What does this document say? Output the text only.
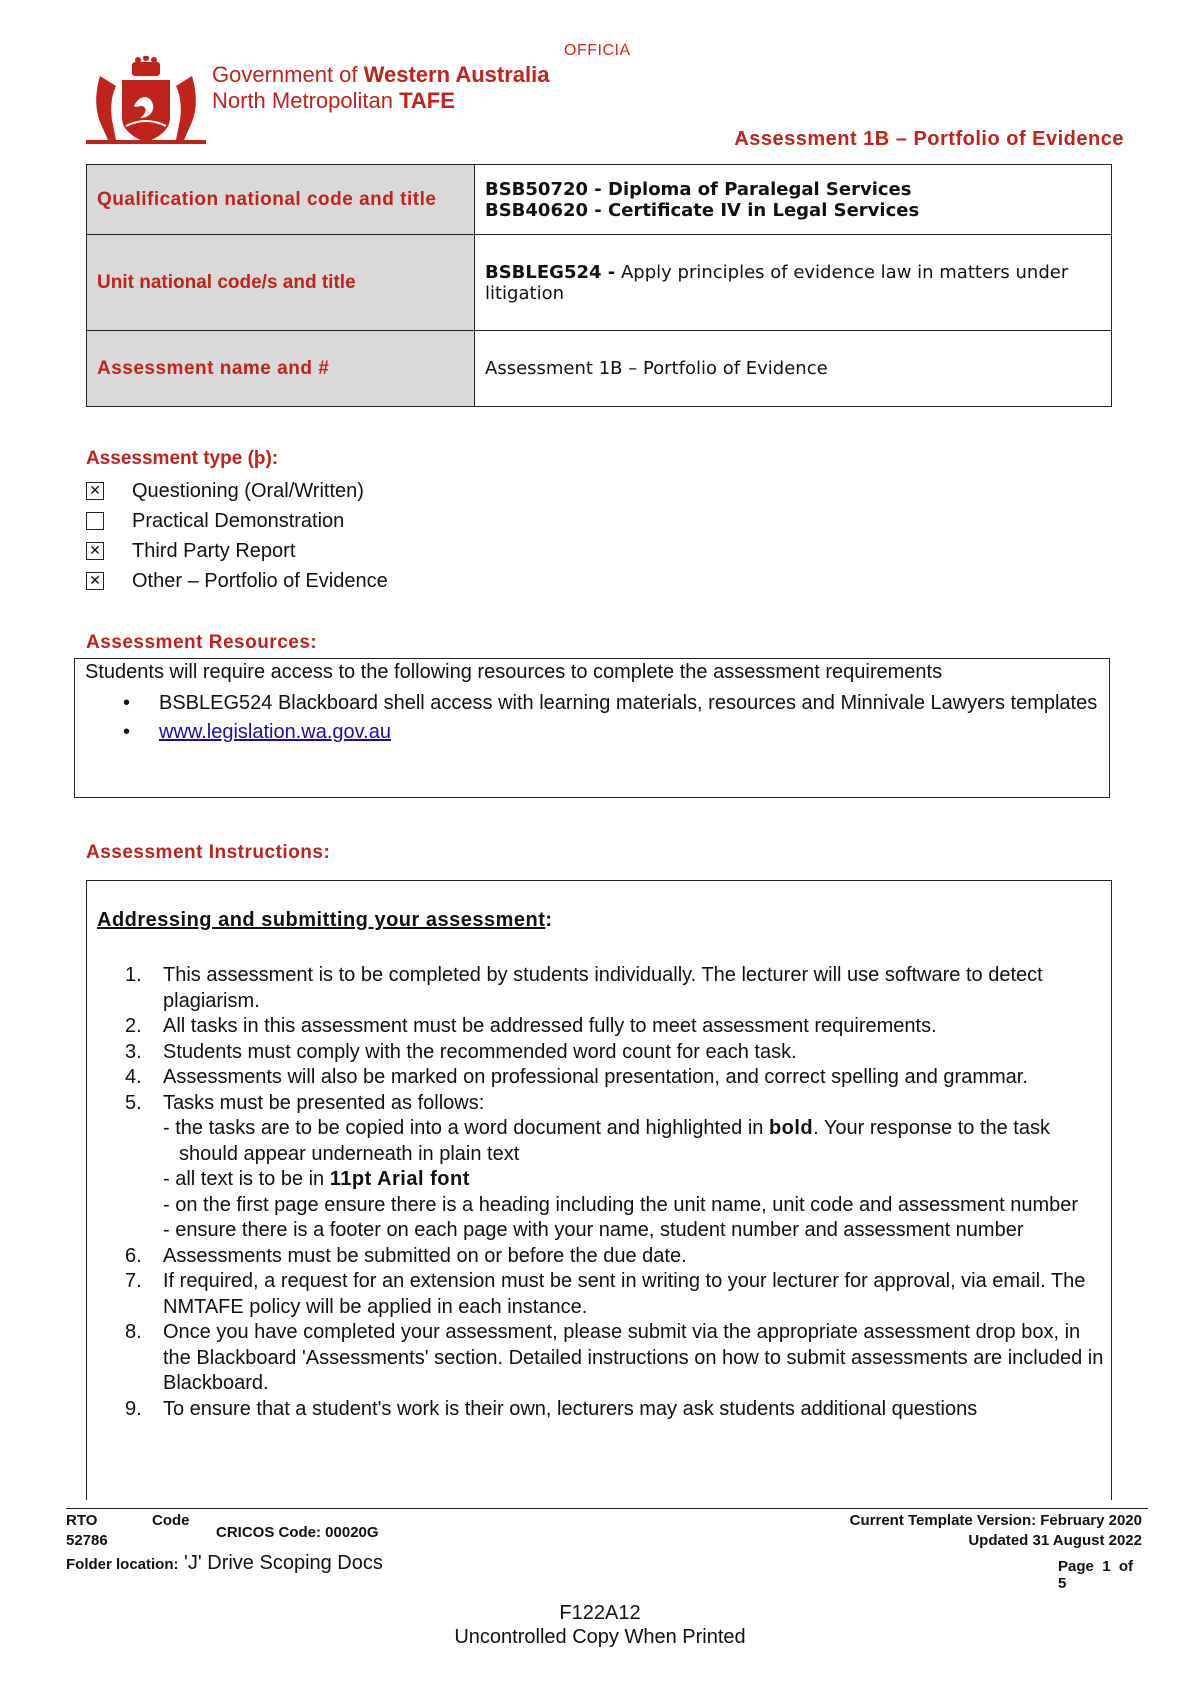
OFFICIA
Government of Western Australia
North Metropolitan TAFE
Assessment 1B – Portfolio of Evidence
Qualification national code and title	BSB50720 - Diploma of Paralegal Services
BSB40620 - Certificate IV in Legal Services

Unit national code/s and title	BSBLEG524 - Apply principles of evidence law in matters under litigation
Assessment name and #	Assessment 1B – Portfolio of Evidence
Assessment type (þ):
✕ Questioning (Oral/Written)
Practical Demonstration
✕ Third Party Report
✕ Other – Portfolio of Evidence
Assessment Resources:
Students will require access to the following resources to complete the assessment requirements
• BSBLEG524 Blackboard shell access with learning materials, resources and Minnivale Lawyers templates
• www.legislation.wa.gov.au
Assessment Instructions:
Addressing and submitting your assessment:
1. This assessment is to be completed by students individually. The lecturer will use software to detect plagiarism.
2. All tasks in this assessment must be addressed fully to meet assessment requirements.
3. Students must comply with the recommended word count for each task.
4. Assessments will also be marked on professional presentation, and correct spelling and grammar.
5. Tasks must be presented as follows:
- the tasks are to be copied into a word document and highlighted in bold. Your response to the task should appear underneath in plain text
- all text is to be in 11pt Arial font
- on the first page ensure there is a heading including the unit name, unit code and assessment number
- ensure there is a footer on each page with your name, student number and assessment number
6. Assessments must be submitted on or before the due date.
7. If required, a request for an extension must be sent in writing to your lecturer for approval, via email. The NMTAFE policy will be applied in each instance.
8. Once you have completed your assessment, please submit via the appropriate assessment drop box, in the Blackboard 'Assessments' section. Detailed instructions on how to submit assessments are included in Blackboard.
9. To ensure that a student's work is their own, lecturers may ask students additional questions
RTO	Code
52786	CRICOS Code: 00020G
Current Template Version: February 2020
Updated 31 August 2022
Folder location: 'J' Drive Scoping Docs	Page 1 of
5
F122A12
Uncontrolled Copy When Printed
